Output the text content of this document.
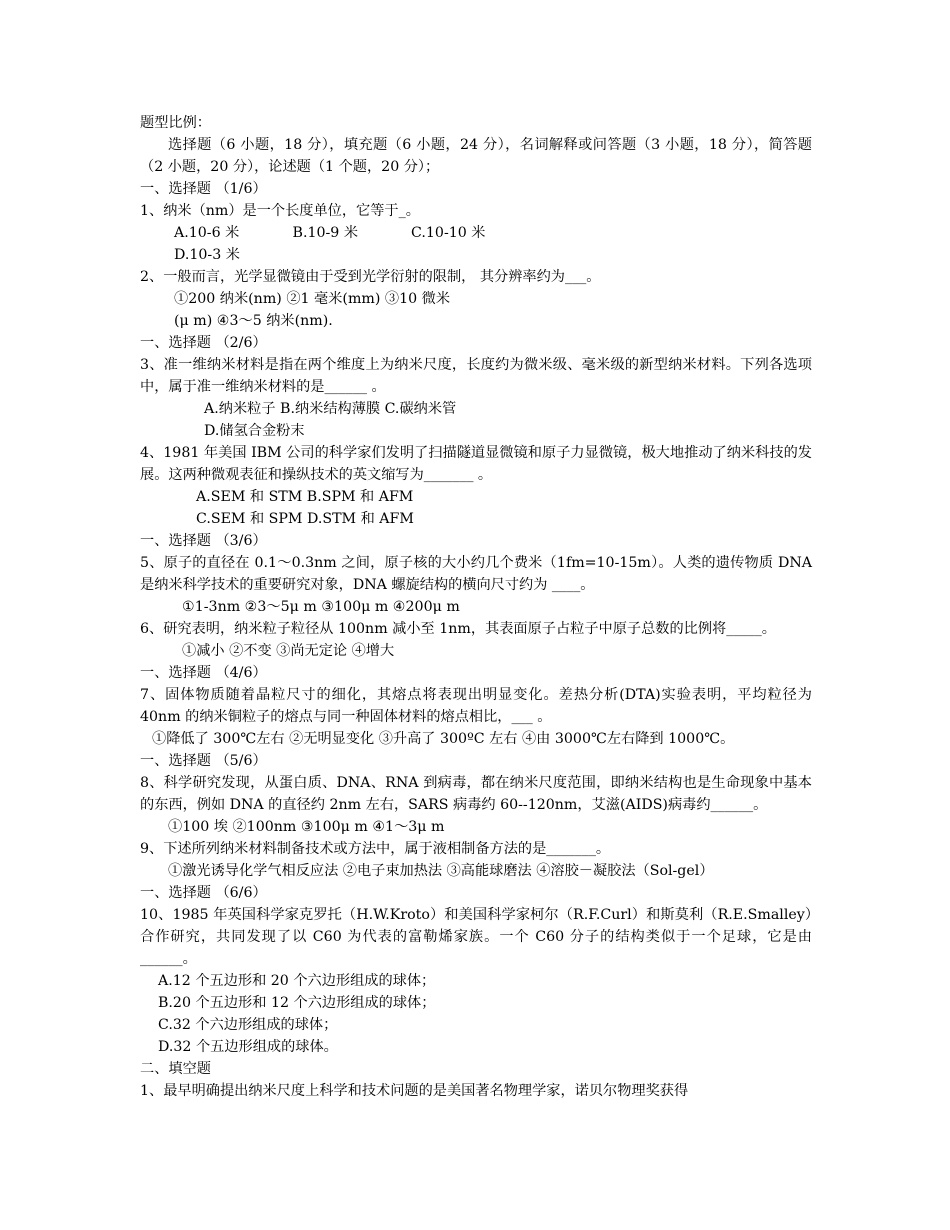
题型比例：
选择题（6 小题，18 分），填充题（6 小题，24 分），名词解释或问答题（3 小题，18 分），简答题（2 小题，20 分），论述题（1 个题，20 分）；
一、选择题 （1/6）
1、纳米（nm）是一个长度单位，它等于_。
A.10-6 米	B.10-9 米	C.10-10 米
D.10-3 米
2、一般而言，光学显微镜由于受到光学衍射的限制， 其分辨率约为___。
①200 纳米(nm) ②1 毫米(mm) ③10 微米
(μ m) ④3～5 纳米(nm).
一、选择题 （2/6）
3、准一维纳米材料是指在两个维度上为纳米尺度，长度约为微米级、毫米级的新型纳米材料。下列各选项中，属于准一维纳米材料的是______ 。
A.纳米粒子 B.纳米结构薄膜 C.碳纳米管
D.储氢合金粉末
4、1981 年美国 IBM 公司的科学家们发明了扫描隧道显微镜和原子力显微镜，极大地推动了纳米科技的发展。这两种微观表征和操纵技术的英文缩写为_______ 。
A.SEM 和 STM B.SPM 和 AFM
C.SEM 和 SPM D.STM 和 AFM
一、选择题 （3/6）
5、原子的直径在 0.1～0.3nm 之间，原子核的大小约几个费米（1fm=10-15m）。人类的遗传物质 DNA 是纳米科学技术的重要研究对象，DNA 螺旋结构的横向尺寸约为 ____。
①1-3nm ②3～5μ m ③100μ m ④200μ m
6、研究表明，纳米粒子粒径从 100nm 减小至 1nm，其表面原子占粒子中原子总数的比例将_____。
①减小 ②不变 ③尚无定论 ④增大
一、选择题 （4/6）
7、固体物质随着晶粒尺寸的细化，其熔点将表现出明显变化。差热分析(DTA)实验表明，平均粒径为 40nm 的纳米铜粒子的熔点与同一种固体材料的熔点相比，___ 。
①降低了 300℃左右 ②无明显变化 ③升高了 300ºC 左右 ④由 3000℃左右降到 1000℃。
一、选择题 （5/6）
8、科学研究发现，从蛋白质、DNA、RNA 到病毒，都在纳米尺度范围，即纳米结构也是生命现象中基本的东西，例如 DNA 的直径约 2nm 左右，SARS 病毒约 60--120nm，艾滋(AIDS)病毒约______。
①100 埃 ②100nm ③100μ m ④1～3μ m
9、下述所列纳米材料制备技术或方法中，属于液相制备方法的是_______。
①激光诱导化学气相反应法 ②电子束加热法 ③高能球磨法 ④溶胶－凝胶法（Sol-gel）
一、选择题 （6/6）
10、1985 年英国科学家克罗托（H.W.Kroto）和美国科学家柯尔（R.F.Curl）和斯莫利（R.E.Smalley）合作研究，共同发现了以 C60 为代表的富勒烯家族。一个 C60 分子的结构类似于一个足球，它是由______。
A.12 个五边形和 20 个六边形组成的球体；
B.20 个五边形和 12 个六边形组成的球体；
C.32 个六边形组成的球体；
D.32 个五边形组成的球体。
二、填空题
1、最早明确提出纳米尺度上科学和技术问题的是美国著名物理学家，诺贝尔物理奖获得
